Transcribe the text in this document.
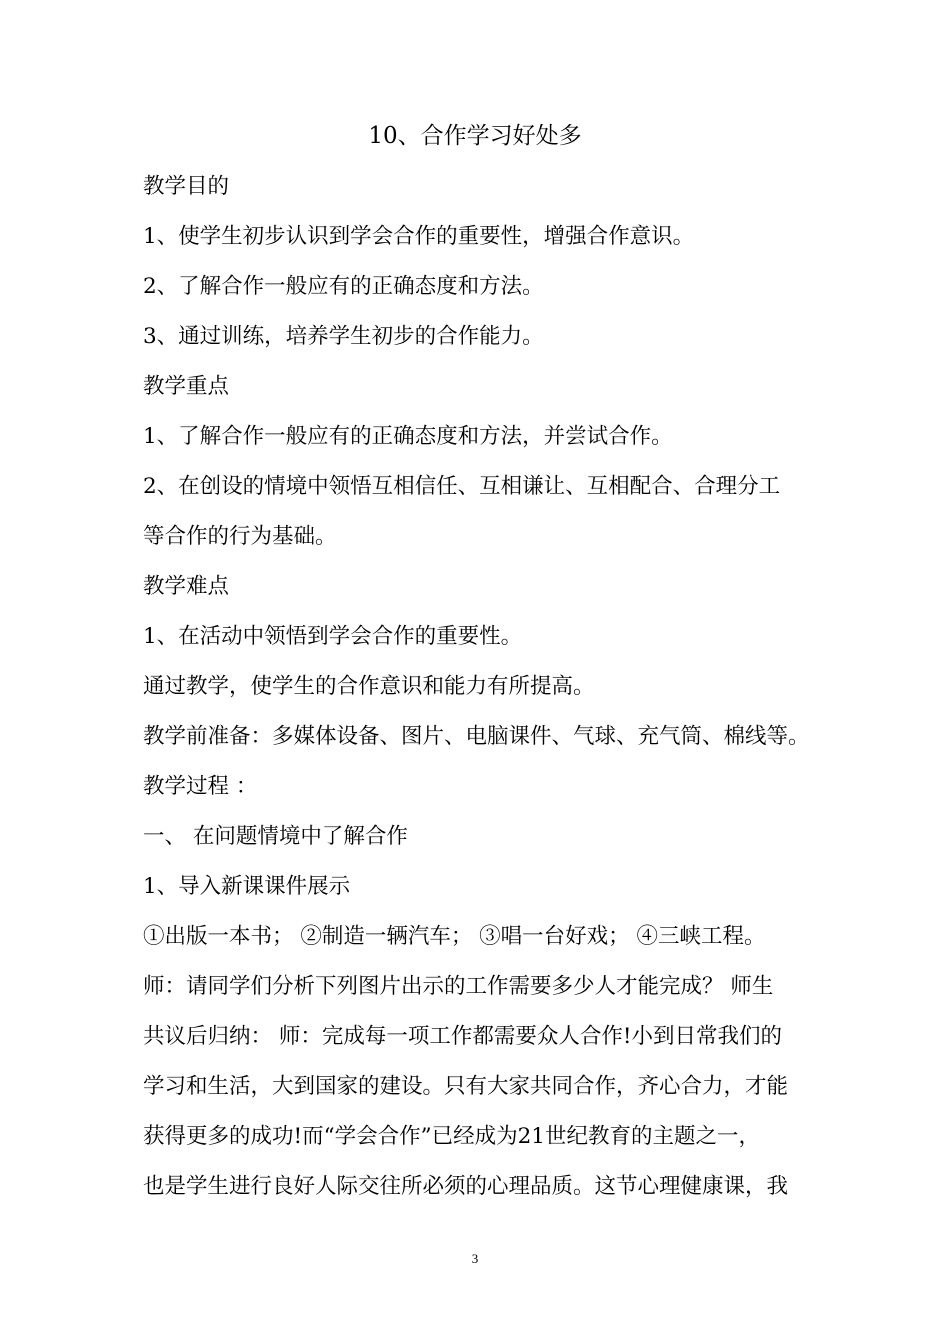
10、合作学习好处多
教学目的
1、使学生初步认识到学会合作的重要性，增强合作意识。
2、了解合作一般应有的正确态度和方法。
3、通过训练，培养学生初步的合作能力。
教学重点
1、了解合作一般应有的正确态度和方法，并尝试合作。
2、在创设的情境中领悟互相信任、互相谦让、互相配合、合理分工
等合作的行为基础。
教学难点
1、在活动中领悟到学会合作的重要性。
通过教学，使学生的合作意识和能力有所提高。
教学前准备：多媒体设备、图片、电脑课件、气球、充气筒、棉线等。
教学过程 ：
一、 在问题情境中了解合作
1、导入新课课件展示
①出版一本书； ②制造一辆汽车； ③唱一台好戏； ④三峡工程。
师：请同学们分析下列图片出示的工作需要多少人才能完成？ 师生
共议后归纳： 师：完成每一项工作都需要众人合作!小到日常我们的
学习和生活，大到国家的建设。只有大家共同合作，齐心合力，才能
获得更多的成功!而“学会合作”已经成为21世纪教育的主题之一，
也是学生进行良好人际交往所必须的心理品质。这节心理健康课，我
3
